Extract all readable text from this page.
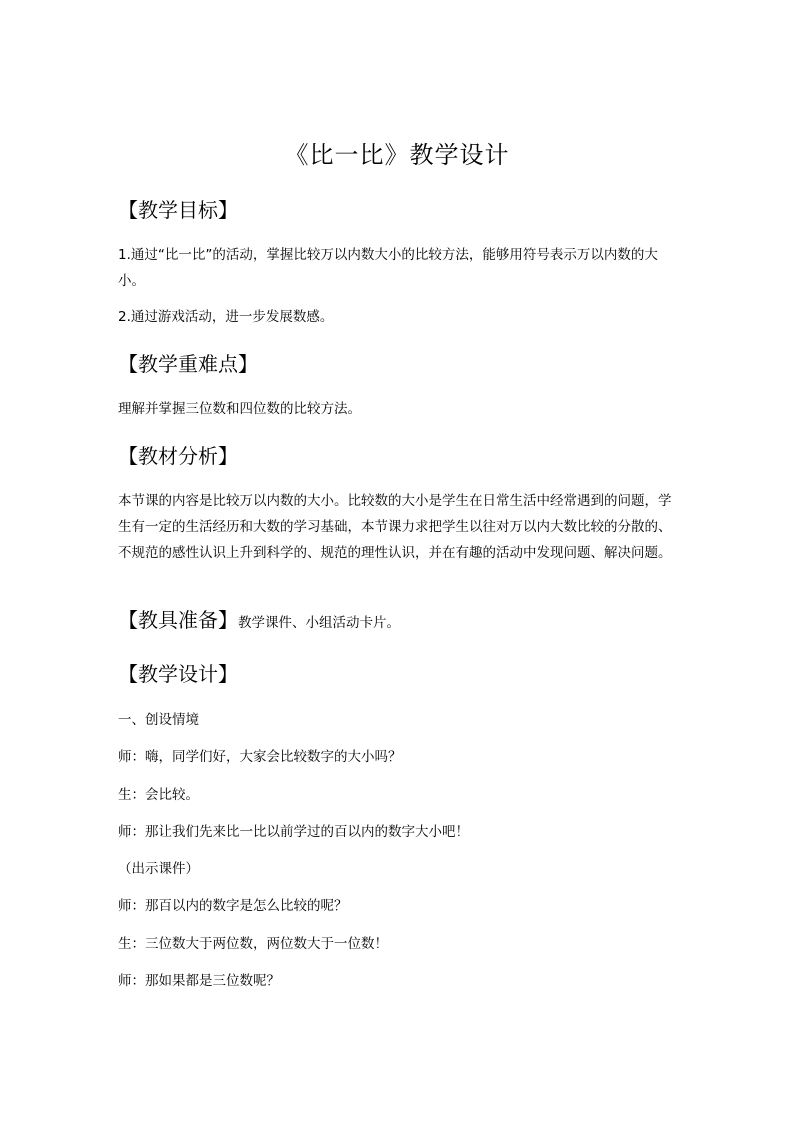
《比一比》教学设计
【教学目标】
1.通过“比一比”的活动，掌握比较万以内数大小的比较方法，能够用符号表示万以内数的大小。
2.通过游戏活动，进一步发展数感。
【教学重难点】
理解并掌握三位数和四位数的比较方法。
【教材分析】
本节课的内容是比较万以内数的大小。比较数的大小是学生在日常生活中经常遇到的问题，学生有一定的生活经历和大数的学习基础，本节课力求把学生以往对万以内大数比较的分散的、不规范的感性认识上升到科学的、规范的理性认识，并在有趣的活动中发现问题、解决问题。
【教具准备】教学课件、小组活动卡片。
【教学设计】
一、创设情境
师：嗨，同学们好，大家会比较数字的大小吗？
生：会比较。
师：那让我们先来比一比以前学过的百以内的数字大小吧！
（出示课件）
师：那百以内的数字是怎么比较的呢？
生：三位数大于两位数，两位数大于一位数！
师：那如果都是三位数呢？
